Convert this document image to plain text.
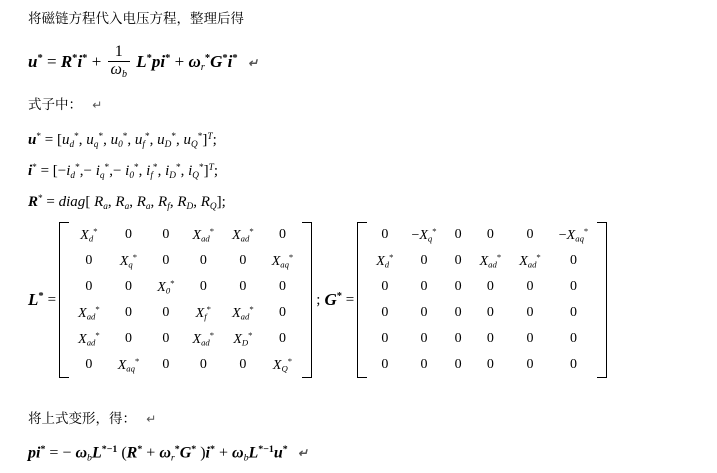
将磁链方程代入电压方程，整理后得
$u^* = R^*i^* + \frac{1}{\omega_b} L^*pi^* + \omega_r^*G^*i^*$ ↵
式子中： ↵
$u^* = [u_d^*$, $u_q^*$, $u_0^*$, $u_f^*$, $u_D^*$, $u_Q^*]^T$;
$i^* = [-i_d^*,- i_q^*,- i_0^*$, $i_f^*$, $i_D^*$, $i_Q^*]^T$;
R* = diag[ $R_a$, $R_a$, $R_a$, $R_f$, $R_D$, $R_Q$];
L* =
$X_d^*$	0	0	$X_{ad}^*$	$X_{ad}^*$	0
0	$X_q^*$	0	0	0	$X_{aq}^*$
0	0	$X_0^*$	0	0	0
$X_{ad}^*$	0	0	$X_f^*$	$X_{ad}^*$	0
$X_{ad}^*$	0	0	$X_{ad}^*$	$X_D^*$	0
0	$X_{aq}^*$	0	0	0	$X_Q^*$
; G* =
0	$-X_q^*$	0	0	0	$-X_{aq}^*$
$X_d^*$	0	0	$X_{ad}^*$	$X_{ad}^*$	0
0	0	0	0	0	0
0	0	0	0	0	0
0	0	0	0	0	0
0	0	0	0	0	0
将上式变形，得： ↵
pi* = − $\omega_bL^{*-1}$ ($R^* + \omega_r^*G^*$ )$i^* + \omega_bL^{*-1}u^*$ ↵
